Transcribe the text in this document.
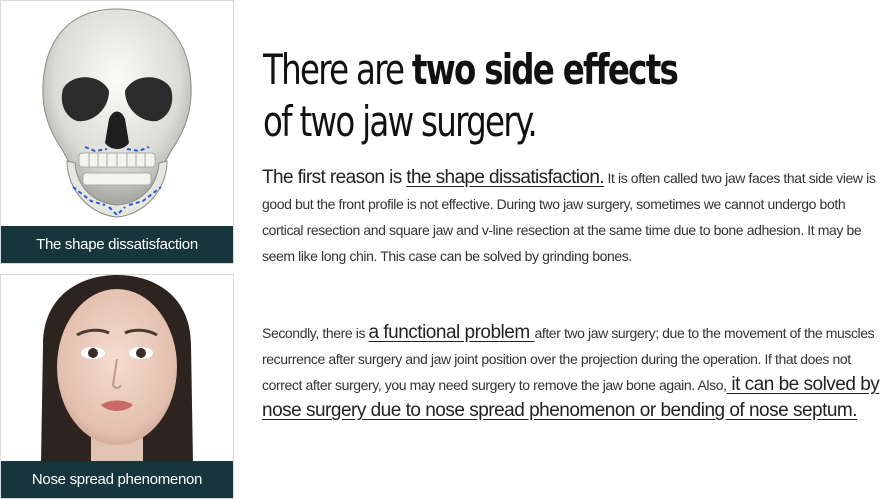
The shape dissatisfaction
Nose spread phenomenon
There are two side effects
of two jaw surgery.
The first reason is the shape dissatisfaction. It is often called two jaw faces that side view is good but the front profile is not effective. During two jaw surgery, sometimes we cannot undergo both cortical resection and square jaw and v-line resection at the same time due to bone adhesion. It may be seem like long chin. This case can be solved by grinding bones.
Secondly, there is a functional problem after two jaw surgery; due to the movement of the muscles recurrence after surgery and jaw joint position over the projection during the operation. If that does not correct after surgery, you may need surgery to remove the jaw bone again. Also, it can be solved by nose surgery due to nose spread phenomenon or bending of nose septum.
